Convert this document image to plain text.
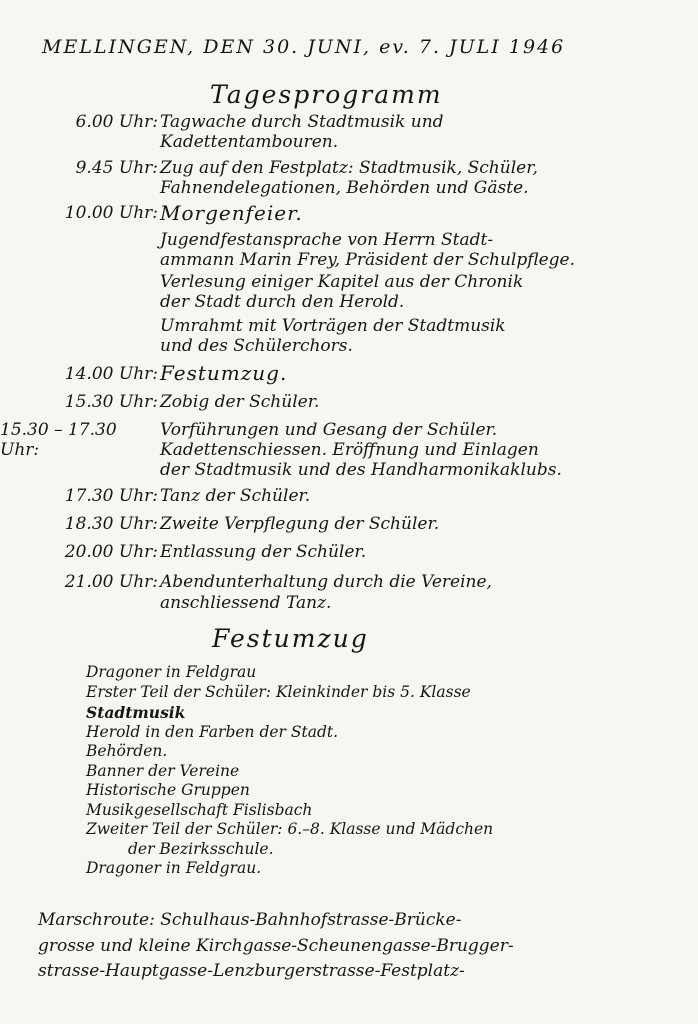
MELLINGEN, DEN 30. JUNI, ev. 7. JULI 1946
Tagesprogramm
6.00 Uhr: Tagwache durch Stadtmusik und
Kadettentambouren.
9.45 Uhr: Zug auf den Festplatz: Stadtmusik, Schüler,
Fahnendelegationen, Behörden und Gäste.
10.00 Uhr: Morgenfeier.
Jugendfestansprache von Herrn Stadt-
ammann Marin Frey, Präsident der Schulpflege.
Verlesung einiger Kapitel aus der Chronik
der Stadt durch den Herold.
Umrahmt mit Vorträgen der Stadtmusik
und des Schülerchors.
14.00 Uhr: Festumzug.
15.30 Uhr: Zobig der Schüler.
15.30 – 17.30 Uhr:
Vorführungen und Gesang der Schüler.
Kadettenschiessen. Eröffnung und Einlagen
der Stadtmusik und des Handharmonikaklubs.
17.30 Uhr: Tanz der Schüler.
18.30 Uhr: Zweite Verpflegung der Schüler.
20.00 Uhr: Entlassung der Schüler.
21.00 Uhr: Abendunterhaltung durch die Vereine,
anschliessend Tanz.
Festumzug
Dragoner in Feldgrau
Erster Teil der Schüler: Kleinkinder bis 5. Klasse
Stadtmusik
Herold in den Farben der Stadt.
Behörden.
Banner der Vereine
Historische Gruppen
Musikgesellschaft Fislisbach
Zweiter Teil der Schüler: 6.–8. Klasse und Mädchen
der Bezirksschule.
Dragoner in Feldgrau.
Marschroute: Schulhaus-Bahnhofstrasse-Brücke-
grosse und kleine Kirchgasse-Scheunengasse-Brugger-
strasse-Hauptgasse-Lenzburgerstrasse-Festplatz-
